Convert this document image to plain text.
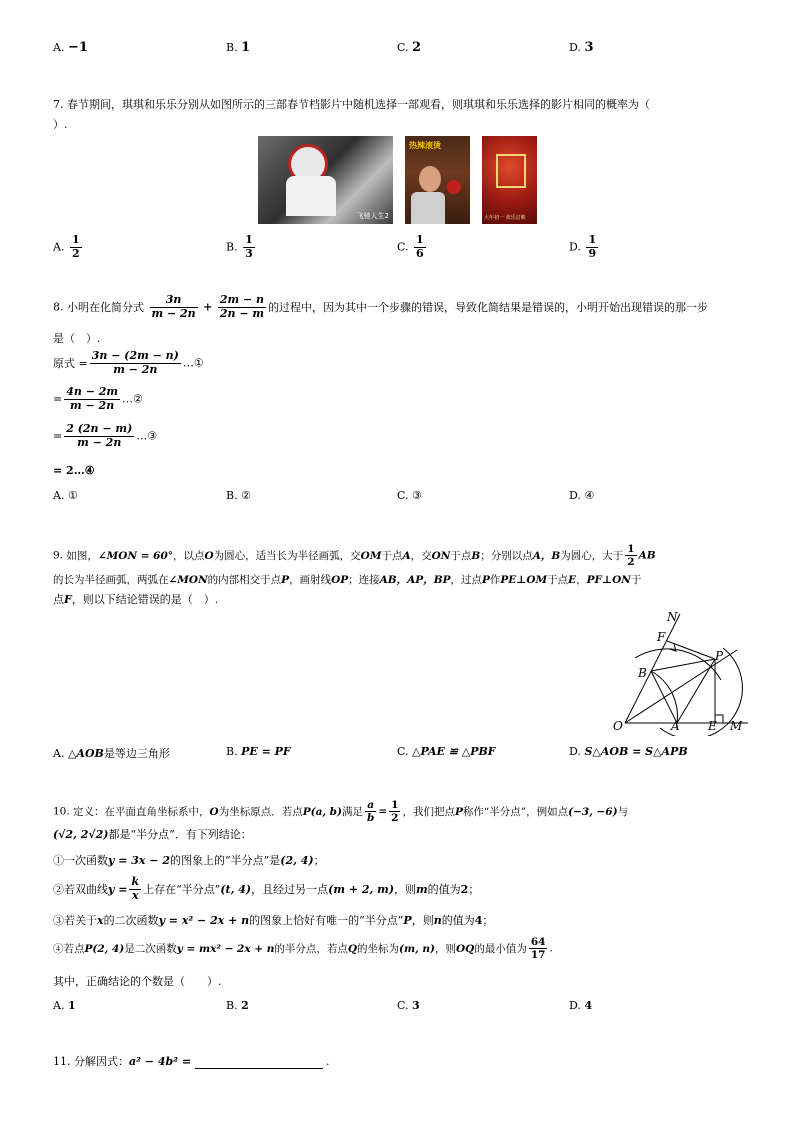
A. −1	B. 1	C. 2	D. 3
7. 春节期间，琪琪和乐乐分别从如图所示的三部春节档影片中随机选择一部观看，则琪琪和乐乐选择的影片相同的概率为（
）.
飞驰人生2
热辣滚烫
大年初一 欢乐启映
A. $\frac{1}{2}$	B. $\frac{1}{3}$	C. $\frac{1}{6}$	D. $\frac{1}{9}$
8. 小明在化简分式 $\frac{3n}{m - 2n} + \frac{2m - n}{2n - m}$ 的过程中，因为其中一个步骤的错误，导致化简结果是错误的，小明开始出现错误的那一步
是（　）.
原式 = $\frac{3n - (2m - n)}{m - 2n}$ …①
= $\frac{4n - 2m}{m - 2n}$ …②
= $\frac{2 (2n - m)}{m - 2n}$ …③
= 2…④
A. ①	B. ②	C. ③	D. ④
9. 如图，∠MON = 60°，以点O为圆心，适当长为半径画弧，交OM于点A，交ON于点B；分别以点A，B为圆心，大于 $\frac{1}{2}$ AB
的长为半径画弧，两弧在∠MON的内部相交于点P，画射线OP；连接AB，AP，BP，过点P作PE⊥OM于点E，PF⊥ON于
点F，则以下结论错误的是（　）.
N
F
P
B
O	A E M
A. △AOB是等边三角形	B. PE = PF	C. △PAE ≌ △PBF	D. S△AOB = S△APB
10. 定义：在平面直角坐标系中，O为坐标原点．若点P(a, b)满足 $\frac{a}{b} = \frac{1}{2}$ ，我们把点P称作“半分点”，例如点(−3, −6)与
(√2, 2√2)都是“半分点”．有下列结论：
①一次函数y = 3x − 2的图象上的“半分点”是(2, 4)；
②若双曲线$y = \frac{k}{x}$ 上存在“半分点”(t, 4)，且经过另一点(m + 2, m)，则m的值为2；
③若关于x的二次函数y = x² − 2x + n的图象上恰好有唯一的“半分点”P，则n的值为4；
④若点P(2, 4)是二次函数y = mx² − 2x + n的半分点，若点Q的坐标为(m, n)，则OQ的最小值为 $\frac{64}{17}$ .
其中，正确结论的个数是（　　）.
A. 1	B. 2	C. 3	D. 4
11. 分解因式：a² − 4b² =	.
